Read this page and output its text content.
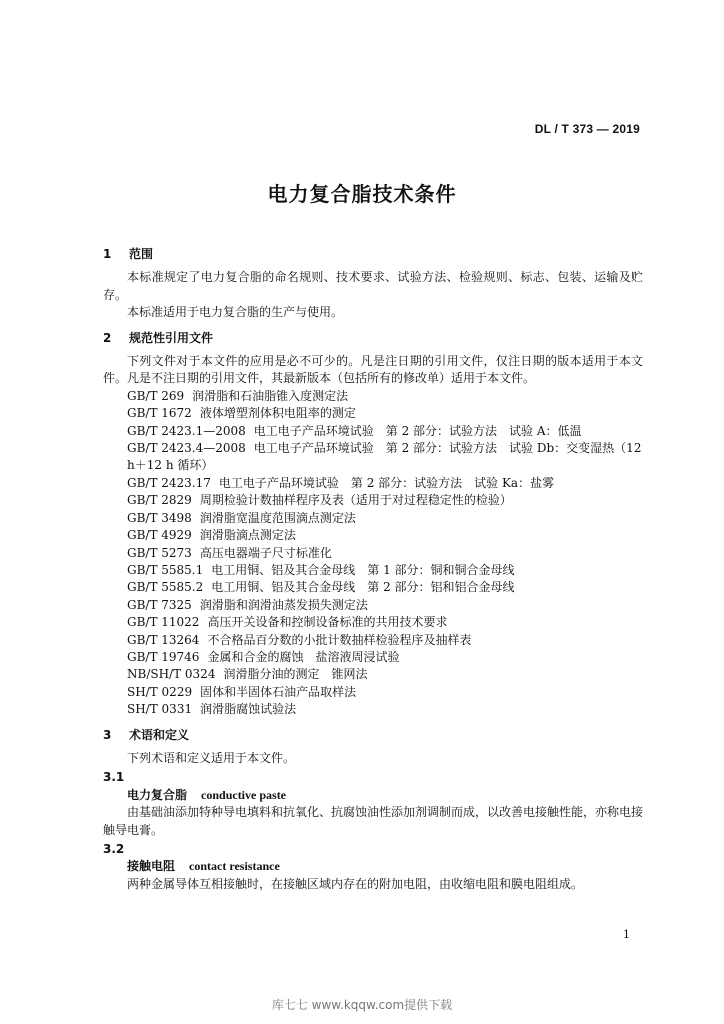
DL / T 373 — 2019
电力复合脂技术条件
1	范围

本标准规定了电力复合脂的命名规则、技术要求、试验方法、检验规则、标志、包装、运输及贮存。

本标准适用于电力复合脂的生产与使用。

2	规范性引用文件

下列文件对于本文件的应用是必不可少的。凡是注日期的引用文件，仅注日期的版本适用于本文件。凡是不注日期的引用文件，其最新版本（包括所有的修改单）适用于本文件。

GB/T 269 润滑脂和石油脂锥入度测定法

GB/T 1672 液体增塑剂体积电阻率的测定

GB/T 2423.1—2008 电工电子产品环境试验　第 2 部分：试验方法　试验 A：低温

GB/T 2423.4—2008 电工电子产品环境试验　第 2 部分：试验方法　试验 Db：交变湿热（12 h＋12 h 循环）

GB/T 2423.17 电工电子产品环境试验　第 2 部分：试验方法　试验 Ka：盐雾

GB/T 2829 周期检验计数抽样程序及表（适用于对过程稳定性的检验）

GB/T 3498 润滑脂宽温度范围滴点测定法

GB/T 4929 润滑脂滴点测定法

GB/T 5273 高压电器端子尺寸标准化

GB/T 5585.1 电工用铜、铝及其合金母线　第 1 部分：铜和铜合金母线

GB/T 5585.2 电工用铜、铝及其合金母线　第 2 部分：铝和铝合金母线

GB/T 7325 润滑脂和润滑油蒸发损失测定法

GB/T 11022 高压开关设备和控制设备标准的共用技术要求

GB/T 13264 不合格品百分数的小批计数抽样检验程序及抽样表

GB/T 19746 金属和合金的腐蚀　盐溶液周浸试验

NB/SH/T 0324 润滑脂分油的测定　锥网法

SH/T 0229 固体和半固体石油产品取样法

SH/T 0331 润滑脂腐蚀试验法

3	术语和定义

下列术语和定义适用于本文件。

3.1

电力复合脂 conductive paste

由基础油添加特种导电填料和抗氧化、抗腐蚀油性添加剂调制而成，以改善电接触性能，亦称电接触导电膏。

3.2

接触电阻 contact resistance

两种金属导体互相接触时，在接触区域内存在的附加电阻，由收缩电阻和膜电阻组成。

1
库七七 www.kqqw.com提供下载
